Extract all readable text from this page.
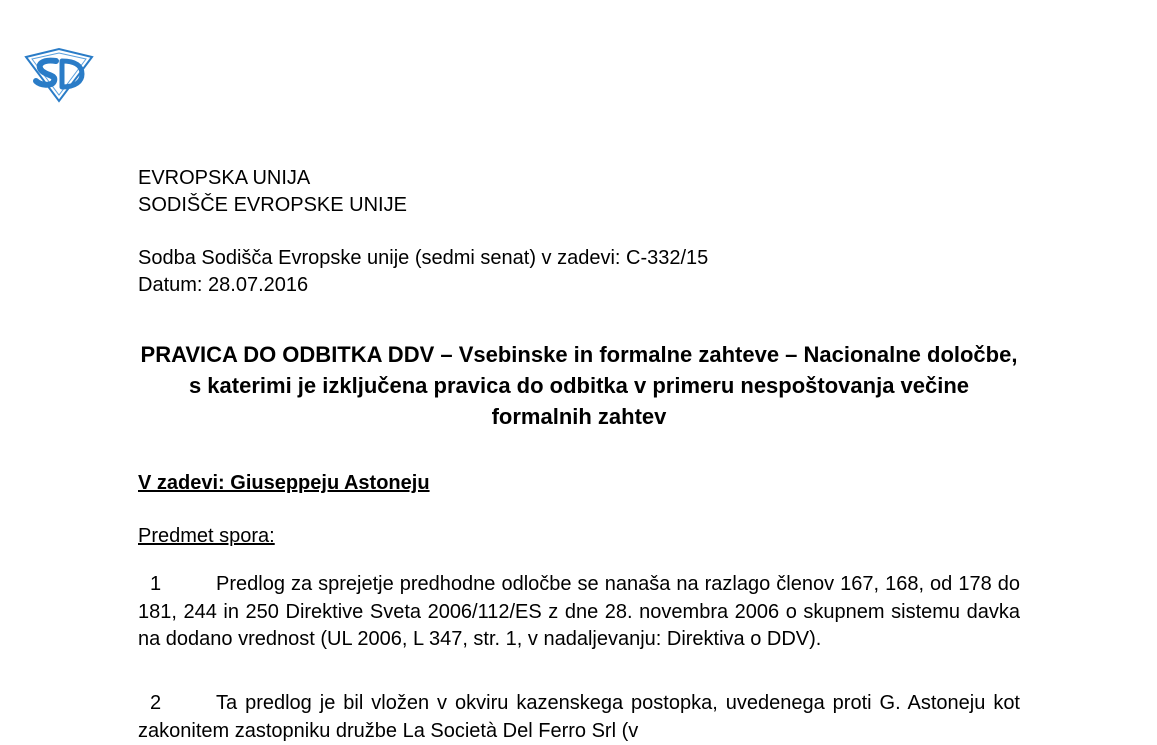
EVROPSKA UNIJA
SODIŠČE EVROPSKE UNIJE
Sodba Sodišča Evropske unije (sedmi senat) v zadevi: C-332/15
Datum: 28.07.2016
PRAVICA DO ODBITKA DDV – Vsebinske in formalne zahteve – Nacionalne določbe, s katerimi je izključena pravica do odbitka v primeru nespoštovanja večine formalnih zahtev
V zadevi: Giuseppeju Astoneju
Predmet spora:
1	Predlog za sprejetje predhodne odločbe se nanaša na razlago členov 167, 168, od 178 do 181, 244 in 250 Direktive Sveta 2006/112/ES z dne 28. novembra 2006 o skupnem sistemu davka na dodano vrednost (UL 2006, L 347, str. 1, v nadaljevanju: Direktiva o DDV).
2	Ta predlog je bil vložen v okviru kazenskega postopka, uvedenega proti G. Astoneju kot zakonitem zastopniku družbe La Società Del Ferro Srl (v
